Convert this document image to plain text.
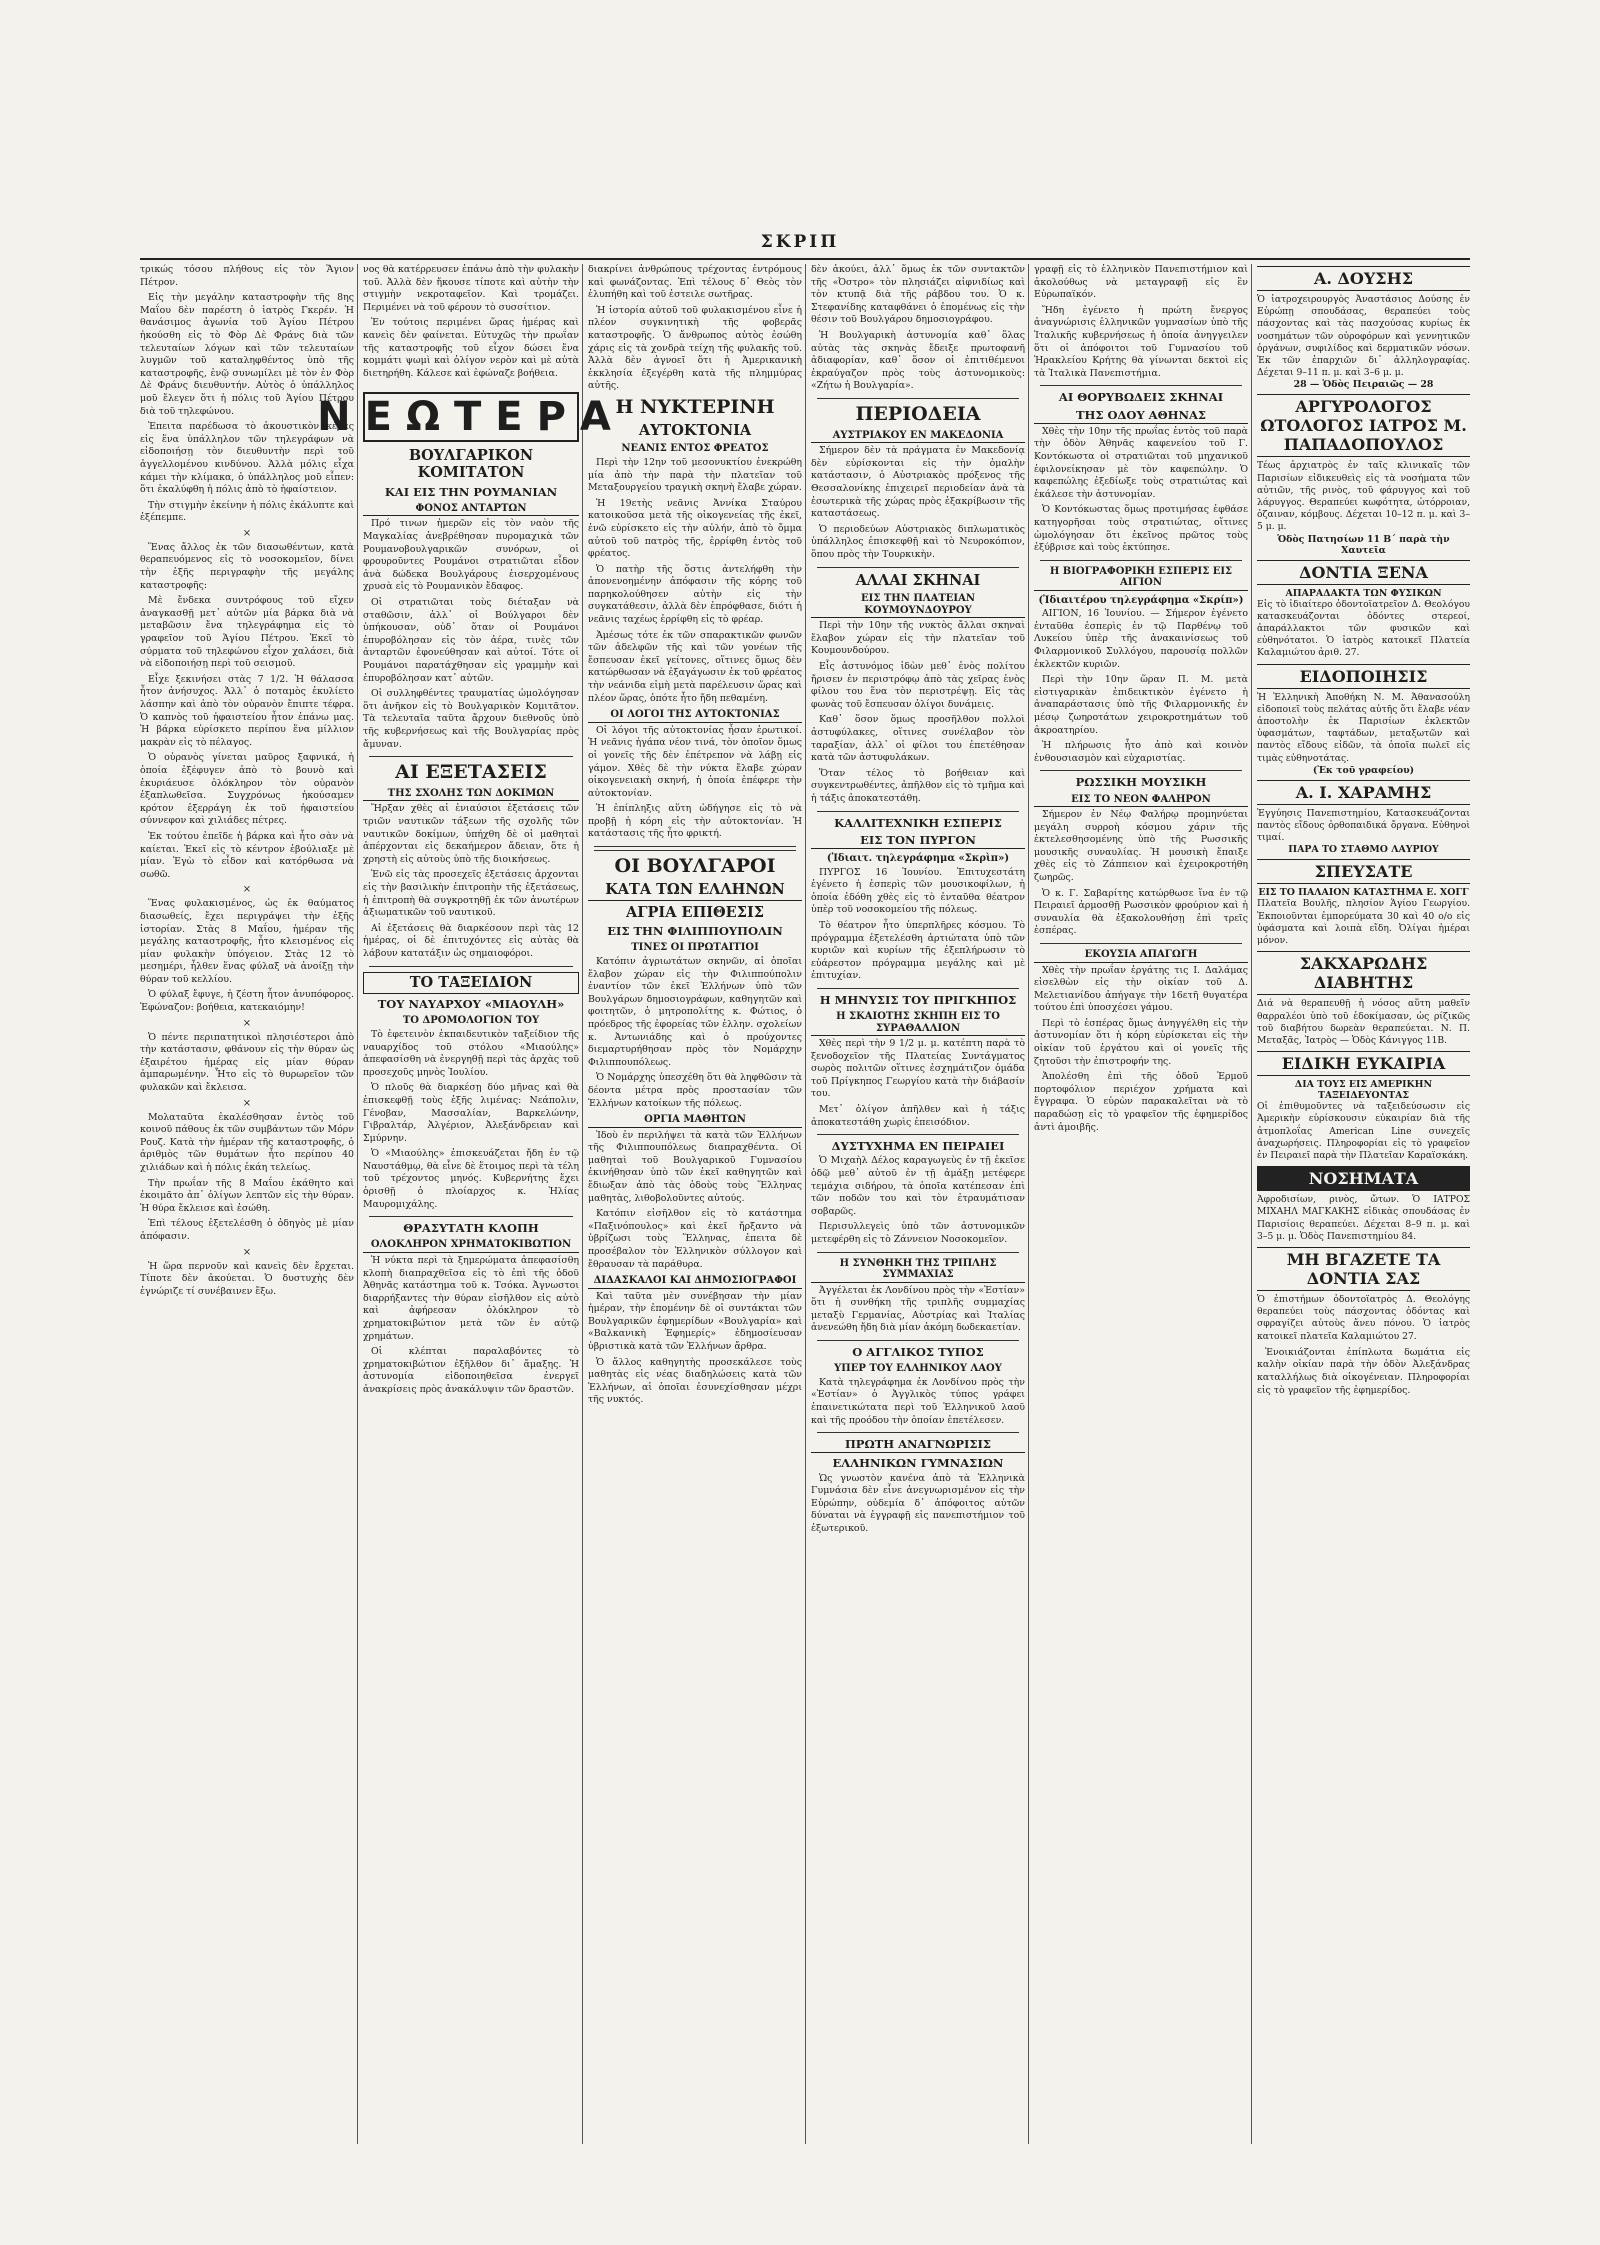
ΣΚΡΙΠ

τρικώς τόσου πλήθους εἰς τὸν Ἅγιον Πέτρον.

Εἰς τὴν μεγάλην καταστροφὴν τῆς 8ης Μαΐου δὲν παρέστη ὁ ἰατρὸς Γκερέν. Ἡ θανάσιμος ἀγωνία τοῦ Ἁγίου Πέτρου ἠκούσθη εἰς τὸ Φὸρ Δὲ Φράνς διὰ τῶν τελευταίων λόγων καὶ τῶν τελευταίων λυγμῶν τοῦ καταληφθέντος ὑπὸ τῆς καταστροφῆς, ἐνῷ συνωμίλει μὲ τὸν ἐν Φὸρ Δὲ Φράνς διευθυντήν. Αὐτὸς ὁ ὑπάλληλος μοῦ ἔλεγεν ὅτι ἡ πόλις τοῦ Ἁγίου Πέτρου διὰ τοῦ τηλεφώνου.

Ἐπειτα παρέδωσα τὸ ἀκουστικὸν κέρας εἰς ἕνα ὑπάλληλον τῶν τηλεγράφων νὰ εἰδοποιήσῃ τὸν διευθυντὴν περὶ τοῦ ἀγγελλομένου κινδύνου. Ἀλλὰ μόλις εἶχα κάμει τὴν κλίμακα, ὁ ὑπάλληλος μοῦ εἶπεν: ὅτι ἐκαλύφθη ἡ πόλις ἀπὸ τὸ ἡφαίστειον.

Τὴν στιγμὴν ἐκείνην ἡ πόλις ἐκάλυπτε καὶ ἐξέπεμπε.

×

Ἕνας ἄλλος ἐκ τῶν διασωθέντων, κατὰ θεραπευόμενος εἰς τὸ νοσοκομεῖον, δίνει τὴν ἑξῆς περιγραφὴν τῆς μεγάλης καταστροφῆς:

Μὲ ἔνδεκα συντρόφους τοῦ εἴχεν ἀναγκασθῇ μετ᾽ αὐτῶν μία βάρκα διὰ νὰ μεταβῶσιν ἔνα τηλεγράφημα εἰς τὸ γραφεῖον τοῦ Ἁγίου Πέτρου. Ἐκεῖ τὸ σύρματα τοῦ τηλεφώνου εἶχον χαλάσει, διὰ νὰ εἰδοποιήσῃ περὶ τοῦ σεισμοῦ.

Εἶχε ξεκινήσει στὰς 7 1/2. Ἡ θάλασσα ἦτον ἀνήσυχος. Ἀλλ᾽ ὁ ποταμὸς ἐκυλίετο λάσπην καὶ ἀπὸ τὸν οὐρανὸν ἔπιπτε τέφρα. Ὁ καπνὸς τοῦ ἡφαιστείου ἦτον ἐπάνω μας. Ἡ βάρκα εὑρίσκετο περίπου ἕνα μίλλιον μακρὰν εἰς τὸ πέλαγος.

Ὁ οὐρανὸς γίνεται μαῦρος ξαφνικά, ἡ ὁποία ἐξέφυγεν ἀπὸ τὸ βουνὸ καὶ ἐκυριάευσε ὁλόκληρον τὸν οὐρανὸν ἐξαπλωθεῖσα. Συγχρόνως ἠκούσαμεν κρότον ἐξερράγη ἐκ τοῦ ἡφαιστείου σύννεφον καὶ χιλιάδες πέτρες.

Ἐκ τούτου ἐπεῖδε ἡ βάρκα καὶ ἦτο σὰν νὰ καίεται. Ἐκεῖ εἰς τὸ κέντρον ἐβούλιαξε μὲ μίαν. Ἐγὼ τὸ εἶδον καὶ κατόρθωσα νὰ σωθῶ.

×

Ἕνας φυλακισμένος, ὡς ἐκ θαύματος διασωθείς, ἔχει περιγράψει τὴν ἑξῆς ἱστορίαν. Στὰς 8 Μαΐου, ἡμέραν τῆς μεγάλης καταστροφῆς, ἦτο κλεισμένος εἰς μίαν φυλακὴν ὑπόγειον. Στὰς 12 τὸ μεσημέρι, ἦλθεν ἕνας φύλαξ νὰ ἀνοίξῃ τὴν θύραν τοῦ κελλίου.

Ὁ φύλαξ ἔφυγε, ἡ ζέστη ἦτον ἀνυπόφορος. Ἐφώναζον: βοήθεια, κατεκαιόμην!

×

Ὁ πέντε περιπατητικοὶ πλησιέστεροι ἀπὸ τὴν κατάστασιν, φθάνουν εἰς τὴν θύραν ὡς ἐξαιρέτου ἡμέρας εἰς μίαν θύραν ἀμπαρωμένην. Ἦτο εἰς τὸ θυρωρεῖον τῶν φυλακῶν καὶ ἔκλεισα.

×

Μολαταῦτα ἐκαλέσθησαν ἐντὸς τοῦ κοινοῦ πάθους ἐκ τῶν συμβάντων τῶν Μόρν Ρουζ. Κατὰ τὴν ἡμέραν τῆς καταστροφῆς, ὁ ἀριθμὸς τῶν θυμάτων ἦτο περίπου 40 χιλιάδων καὶ ἡ πόλις ἐκάη τελείως.

Τὴν πρωΐαν τῆς 8 Μαΐου ἐκάθητο καὶ ἐκοιμᾶτο ἀπ᾽ ὀλίγων λεπτῶν εἰς τὴν θύραν. Ἡ θύρα ἔκλεισε καὶ ἐσώθη.

Ἐπὶ τέλους ἐξετελέσθη ὁ ὁδηγὸς μὲ μίαν ἀπόφασιν.

×

Ἡ ὥρα περνοῦν καὶ κανεὶς δὲν ἔρχεται. Τίποτε δὲν ἀκούεται. Ὁ δυστυχὴς δὲν ἐγνώριζε τί συνέβαινεν ἔξω.

νος θὰ κατέρρευσεν ἐπάνω ἀπὸ τὴν φυλακὴν τοῦ. Ἀλλὰ δὲν ἤκουσε τίποτε καὶ αὐτὴν τὴν στιγμὴν νεκροταφεῖον. Καὶ τρομάζει. Περιμένει νὰ τοῦ φέρουν τὸ συσσίτιον.

Ἐν τούτοις περιμένει ὥρας ἡμέρας καὶ κανεὶς δὲν φαίνεται. Εὐτυχῶς τὴν πρωΐαν τῆς καταστροφῆς τοῦ εἶχον δώσει ἕνα κομμάτι ψωμὶ καὶ ὀλίγον νερὸν καὶ μὲ αὐτὰ διετηρήθη. Κάλεσε καὶ ἐφώναζε βοήθεια.

ΝΕΩΤΕΡΑ
ΒΟΥΛΓΑΡΙΚΟΝ ΚΟΜΙΤΑΤΟΝ
ΚΑΙ ΕΙΣ ΤΗΝ ΡΟΥΜΑΝΙΑΝ
ΦΟΝΟΣ ΑΝΤΑΡΤΩΝ

Πρό τινων ἡμερῶν εἰς τὸν ναὸν τῆς Μαγκαλίας ἀνεβρέθησαν πυρομαχικὰ τῶν Ρουμανοβουλγαρικῶν συνόρων, οἱ φρουροῦντες Ρουμάνοι στρατιῶται εἶδον ἀνὰ δώδεκα Βουλγάρους ἐισερχομένους χρυσὰ εἰς τὸ Ρουμανικὸν ἔδαφος.

Οἱ στρατιῶται τοὺς διέταξαν νὰ σταθῶσιν, ἀλλ᾽ οἱ Βούλγαροι δὲν ὑπήκουσαν, οὐδ᾽ ὅταν οἱ Ρουμάνοι ἐπυροβόλησαν εἰς τὸν ἀέρα, τινὲς τῶν ἀνταρτῶν ἐφονεύθησαν καὶ αὐτοί. Τότε οἱ Ρουμάνοι παρατάχθησαν εἰς γραμμὴν καὶ ἐπυροβόλησαν κατ᾽ αὐτῶν.

Οἱ συλληφθέντες τραυματίας ὡμολόγησαν ὅτι ἀνῆκον εἰς τὸ Βουλγαρικὸν Κομιτᾶτον. Τὰ τελευταῖα ταῦτα ἄρχουν διεθνοῦς ὑπὸ τῆς κυβερνήσεως καὶ τῆς Βουλγαρίας πρὸς ἄμυναν.

ΑΙ ΕΞΕΤΑΣΕΙΣ
ΤΗΣ ΣΧΟΛΗΣ ΤΩΝ ΔΟΚΙΜΩΝ

Ἤρξαν χθὲς αἱ ἐνιαύσιοι ἐξετάσεις τῶν τριῶν ναυτικῶν τάξεων τῆς σχολῆς τῶν ναυτικῶν δοκίμων, ὑπήχθη δὲ οἱ μαθηταὶ ἀπέρχονται εἰς δεκαήμερον ἄδειαν, ὅτε ἡ χρηστὴ εἰς αὐτοὺς ὑπὸ τῆς διοικήσεως.

Ἐνῶ εἰς τὰς προσεχεῖς ἐξετάσεις ἀρχονται εἰς τὴν βασιλικὴν ἐπιτροπὴν τῆς ἐξετάσεως, ἡ ἐπιτροπὴ θὰ συγκροτηθῇ ἐκ τῶν ἀνωτέρων ἀξιωματικῶν τοῦ ναυτικοῦ.

Αἱ ἐξετάσεις θὰ διαρκέσουν περὶ τὰς 12 ἡμέρας, οἱ δὲ ἐπιτυχόντες εἰς αὐτὰς θὰ λάβουν κατατάξιν ὡς σημαιοφόροι.

ΤΟ ΤΑΞΕΙΔΙΟΝ
ΤΟΥ ΝΑΥΑΡΧΟΥ «ΜΙΑΟΥΛΗ»
ΤΟ ΔΡΟΜΟΛΟΓΙΟΝ ΤΟΥ

Τὸ ἐφετεινὸν ἐκπαιδευτικὸν ταξείδιον τῆς ναυαρχίδος τοῦ στόλου «Μιαούλης» ἀπεφασίσθη νὰ ἐνεργηθῇ περὶ τὰς ἀρχὰς τοῦ προσεχοῦς μηνὸς Ἰουλίου.

Ὁ πλοῦς θὰ διαρκέσῃ δύο μῆνας καὶ θὰ ἐπισκεφθῇ τοὺς ἑξῆς λιμένας: Νεάπολιν, Γένοβαν, Μασσαλίαν, Βαρκελώνην, Γιβραλτάρ, Ἀλγέριον, Ἀλεξάνδρειαν καὶ Σμύρνην.

Ὁ «Μιαούλης» ἐπισκευάζεται ἤδη ἐν τῷ Ναυστάθμῳ, θὰ εἶνε δὲ ἕτοιμος περὶ τὰ τέλη τοῦ τρέχοντος μηνός. Κυβερνήτης ἔχει ὁρισθῇ ὁ πλοίαρχος κ. Ἠλίας Μαυρομιχάλης.

ΘΡΑΣΥΤΑΤΗ ΚΛΟΠΗ
ΟΛΟΚΛΗΡΟΝ ΧΡΗΜΑΤΟΚΙΒΩΤΙΟΝ

Ἡ νύκτα περὶ τὰ ξημερώματα ἀπεφασίσθη κλοπὴ διαπραχθεῖσα εἰς τὸ ἐπὶ τῆς ὁδοῦ Ἀθηνᾶς κατάστημα τοῦ κ. Τσόκα. Ἀγνωστοι διαρρήξαντες τὴν θύραν εἰσῆλθον εἰς αὐτὸ καὶ ἀφήρεσαν ὁλόκληρον τὸ χρηματοκιβώτιον μετὰ τῶν ἐν αὐτῷ χρημάτων.

Οἱ κλέπται παραλαβόντες τὸ χρηματοκιβώτιον ἐξῆλθον δι᾽ ἄμαξης. Ἡ ἀστυνομία εἰδοποιηθεῖσα ἐνεργεῖ ἀνακρίσεις πρὸς ἀνακάλυψιν τῶν δραστῶν.

διακρίνει ἀνθρώπους τρέχοντας ἐντρόμους καὶ φωνάζοντας. Ἐπὶ τέλους δ᾽ Θεὸς τὸν ἐλυπήθη καὶ τοῦ ἐστειλε σωτῆρας.

Ἡ ἱστορία αὐτοῦ τοῦ φυλακισμένου εἶνε ἡ πλέον συγκινητικὴ τῆς φοβερᾶς καταστροφῆς. Ὁ ἄνθρωπος αὐτὸς ἐσώθη χάρις εἰς τὰ χονδρὰ τείχη τῆς φυλακῆς τοῦ. Ἀλλὰ δὲν ἀγνοεῖ ὅτι ἡ Ἀμερικανικὴ ἐκκλησία ἐξεγέρθη κατὰ τῆς πλημμύρας αὐτῆς.

Η ΝΥΚΤΕΡΙΝΗ
ΑΥΤΟΚΤΟΝΙΑ
ΝΕΑΝΙΣ ΕΝΤΟΣ ΦΡΕΑΤΟΣ

Περὶ τὴν 12ην τοῦ μεσονυκτίου ἐνεκρώθη μία ἀπὸ τὴν παρὰ τὴν πλατεῖαν τοῦ Μεταξουργείου τραγικὴ σκηνὴ ἔλαβε χώραν.

Ἡ 19ετὴς νεᾶνις Ἀννίκα Σταύρου κατοικοῦσα μετὰ τῆς οἰκογενείας τῆς ἐκεῖ, ἐνῶ εὑρίσκετο εἰς τὴν αὐλήν, ἀπὸ τὸ ὄμμα αὐτοῦ τοῦ πατρὸς τῆς, ἐρρίφθη ἐντὸς τοῦ φρέατος.

Ὁ πατὴρ τῆς ὅστις ἀντελήφθη τὴν ἀπονενοημένην ἀπόφασιν τῆς κόρης τοῦ παρηκολούθησεν αὐτὴν εἰς τὴν συγκατάθεσιν, ἀλλὰ δὲν ἐπρόφθασε, διότι ἡ νεᾶνις ταχέως ἐρρίφθη εἰς τὸ φρέαρ.

Ἀμέσως τότε ἐκ τῶν σπαρακτικῶν φωνῶν τῶν ἀδελφῶν τῆς καὶ τῶν γονέων τῆς ἔσπευσαν ἐκεῖ γείτονες, οἵτινες ὅμως δὲν κατώρθωσαν νὰ ἐξαγάγωσιν ἐκ τοῦ φρέατος τὴν νεάνιδα εἰμὴ μετὰ παρέλευσιν ὥρας καὶ πλέον ὥρας, ὁπότε ἦτο ἤδη πεθαμένη.

ΟΙ ΛΟΓΟΙ ΤΗΣ ΑΥΤΟΚΤΟΝΙΑΣ

Οἱ λόγοι τῆς αὐτοκτονίας ἦσαν ἐρωτικοί. Ἡ νεᾶνις ἠγάπα νέον τινά, τὸν ὁποῖον ὅμως οἱ γονεῖς τῆς δὲν ἐπέτρεπον νὰ λάβῃ εἰς γάμον. Χθὲς δὲ τὴν νύκτα ἔλαβε χώραν οἰκογενειακὴ σκηνή, ἡ ὁποία ἐπέφερε τὴν αὐτοκτονίαν.

Ἡ ἐπίπληξις αὕτη ὡδήγησε εἰς τὸ νὰ προβῇ ἡ κόρη εἰς τὴν αὐτοκτονίαν. Ἡ κατάστασις τῆς ἦτο φρικτή.

ΟΙ ΒΟΥΛΓΑΡΟΙ
ΚΑΤΑ ΤΩΝ ΕΛΛΗΝΩΝ
ΑΓΡΙΑ ΕΠΙΘΕΣΙΣ
ΕΙΣ ΤΗΝ ΦΙΛΙΠΠΟΥΠΟΛΙΝ
ΤΙΝΕΣ ΟΙ ΠΡΩΤΑΙΤΙΟΙ

Κατόπιν ἀγριωτάτων σκηνῶν, αἱ ὁποῖαι ἔλαβον χώραν εἰς τὴν Φιλιππούπολιν ἐναντίον τῶν ἐκεῖ Ἑλλήνων ὑπὸ τῶν Βουλγάρων δημοσιογράφων, καθηγητῶν καὶ φοιτητῶν, ὁ μητροπολίτης κ. Φώτιος, ὁ πρόεδρος τῆς ἐφορείας τῶν ἑλλην. σχολείων κ. Ἀντωνιάδης καὶ ὁ προύχοντες διεμαρτυρήθησαν πρὸς τὸν Νομάρχην Φιλιππουπόλεως.

Ὁ Νομάρχης ὑπεσχέθη ὅτι θὰ ληφθῶσιν τὰ δέοντα μέτρα πρὸς προστασίαν τῶν Ἑλλήνων κατοίκων τῆς πόλεως.

ΟΡΓΙΑ ΜΑΘΗΤΩΝ

Ἰδοὺ ἐν περιλήψει τὰ κατὰ τῶν Ἑλλήνων τῆς Φιλιππουπόλεως διαπραχθέντα. Οἱ μαθηταὶ τοῦ Βουλγαρικοῦ Γυμνασίου ἐκινήθησαν ὑπὸ τῶν ἐκεῖ καθηγητῶν καὶ ἔδιωξαν ἀπὸ τὰς ὁδοὺς τοὺς Ἕλληνας μαθητὰς, λιθοβολοῦντες αὐτούς.

Κατόπιν εἰσῆλθον εἰς τὸ κατάστημα «Παξινόπουλος» καὶ ἐκεῖ ἤρξαντο νὰ ὑβρίζωσι τοὺς Ἕλληνας, ἐπειτα δὲ προσέβαλον τὸν Ἑλληνικὸν σύλλογον καὶ ἔθραυσαν τὰ παράθυρα.

ΔΙΔΑΣΚΑΛΟΙ ΚΑΙ ΔΗΜΟΣΙΟΓΡΑΦΟΙ

Καὶ ταῦτα μὲν συνέβησαν τὴν μίαν ἡμέραν, τὴν ἐπομένην δὲ οἱ συντάκται τῶν Βουλγαρικῶν ἐφημερίδων «Βουλγαρία» καὶ «Βαλκανικὴ Ἐφημερίς» ἐδημοσίευσαν ὑβριστικὰ κατὰ τῶν Ἑλλήνων ἄρθρα.

Ὁ ἄλλος καθηγητὴς προσεκάλεσε τοὺς μαθητὰς εἰς νέας διαδηλώσεις κατὰ τῶν Ἑλλήνων, αἱ ὁποῖαι ἐσυνεχίσθησαν μέχρι τῆς νυκτός.

δὲν ἀκούει, ἀλλ᾽ ὅμως ἐκ τῶν συντακτῶν τῆς «Ὀστρο» τὸν πλησιάζει αἰφνιδίως καὶ τὸν κτυπᾷ διὰ τῆς ράβδου του. Ὁ κ. Στεφανίδης καταφθάνει ὁ ἐπομένως εἰς τὴν θέσιν τοῦ Βουλγάρου δημοσιογράφου.

Ἡ Βουλγαρικὴ ἀστυνομία καθ᾽ ὅλας αὐτὰς τὰς σκηνὰς ἔδειξε πρωτοφανῆ ἀδιαφορίαν, καθ᾽ ὅσον οἱ ἐπιτιθέμενοι ἐκραύγαζον πρὸς τοὺς ἀστυνομικοὺς: «Ζήτω ἡ Βουλγαρία».

ΠΕΡΙΟΔΕΙΑ
ΑΥΣΤΡΙΑΚΟΥ ΕΝ ΜΑΚΕΔΟΝΙΑ

Σήμερον δὲν τὰ πράγματα ἐν Μακεδονίᾳ δὲν εὑρίσκονται εἰς τὴν ὁμαλὴν κατάστασιν, ὁ Αὐστριακὸς πρόξενος τῆς Θεσσαλονίκης ἐπιχειρεῖ περιοδείαν ἀνὰ τὰ ἐσωτερικὰ τῆς χώρας πρὸς ἐξακρίβωσιν τῆς καταστάσεως.

Ὁ περιοδεύων Αὐστριακὸς διπλωματικὸς ὑπάλληλος ἐπισκεφθῇ καὶ τὸ Νευροκόπιον, ὅπου πρὸς τὴν Τουρκικὴν.

ΑΛΛΑΙ ΣΚΗΝΑΙ
ΕΙΣ ΤΗΝ ΠΛΑΤΕΙΑΝ ΚΟΥΜΟΥΝΔΟΥΡΟΥ

Περὶ τὴν 10ην τῆς νυκτὸς ἄλλαι σκηναὶ ἔλαβον χώραν εἰς τὴν πλατεῖαν τοῦ Κουμουνδούρου.

Εἷς ἀστυνόμος ἰδὼν μεθ᾽ ἑνὸς πολίτου ἤρισεν ἐν περιστρόφῳ ἀπὸ τὰς χεῖρας ἑνὸς φίλου του ἕνα τὸν περιστρέψῃ. Εἰς τὰς φωνὰς τοῦ ἔσπευσαν ὀλίγοι δυνάμεις.

Καθ᾽ ὅσον ὅμως προσῆλθον πολλοὶ ἀστυφύλακες, οἵτινες συνέλαβον τὸν ταραξίαν, ἀλλ᾽ οἱ φίλοι του ἐπετέθησαν κατὰ τῶν ἀστυφυλάκων.

Ὅταν τέλος τὸ βοήθειαν καὶ συγκεντρωθέντες, ἀπῆλθον εἰς τὸ τμῆμα καὶ ἡ τάξις ἀποκατεστάθη.

ΚΑΛΛΙΤΕΧΝΙΚΗ ΕΣΠΕΡΙΣ
ΕΙΣ ΤΟΝ ΠΥΡΓΟΝ
(Ἰδιαιτ. τηλεγράφημα «Σκρὶπ»)

ΠΥΡΓΟΣ 16 Ἰουνίου. Ἐπιτυχεστάτη ἐγένετο ἡ ἐσπερὶς τῶν μουσικοφίλων, ἡ ὁποία ἐδόθη χθὲς εἰς τὸ ἐνταῦθα θέατρον ὑπὲρ τοῦ νοσοκομείου τῆς πόλεως.

Τὸ θέατρον ἦτο ὑπερπλῆρες κόσμου. Τὸ πρόγραμμα ἐξετελέσθη ἀρτιώτατα ὑπὸ τῶν κυριῶν καὶ κυρίων τῆς ἐξεπλήρωσιν τὸ εὐάρεστον πρόγραμμα μεγάλης καὶ μὲ ἐπιτυχίαν.

Η ΜΗΝΥΣΙΣ ΤΟΥ ΠΡΙΓΚΗΠΟΣ
Η ΣΚΑΙΟΤΗΣ ΣΚΗΠΗ ΕΙΣ ΤΟ ΣΥΡΑΘΑΛΛΙΟΝ

Χθὲς περὶ τὴν 9 1/2 μ. μ. κατέπτη παρὰ τὸ ξενοδοχεῖον τῆς Πλατείας Συντάγματος σωρὸς πολιτῶν οἵτινες ἐσχημάτιζον ὁμάδα τοῦ Πρίγκηπος Γεωργίου κατὰ τὴν διάβασίν του.

Μετ᾽ ὀλίγον ἀπῆλθεν καὶ ἡ τάξις ἀποκατεστάθη χωρὶς ἐπεισόδιον.

ΔΥΣΤΥΧΗΜΑ ΕΝ ΠΕΙΡΑΙΕΙ

Ὁ Μιχαὴλ Δέλος καραγωγεὺς ἐν τῇ ἐκεῖσε ὁδῷ μεθ᾽ αὐτοῦ ἐν τῇ ἀμάξῃ μετέφερε τεμάχια σιδήρου, τὰ ὁποῖα κατέπεσαν ἐπὶ τῶν ποδῶν του καὶ τὸν ἐτραυμάτισαν σοβαρῶς.

Περισυλλεγεὶς ὑπὸ τῶν ἀστυνομικῶν μετεφέρθη εἰς τὸ Ζάννειον Νοσοκομεῖον.

Η ΣΥΝΘΗΚΗ ΤΗΣ ΤΡΙΠΛΗΣ ΣΥΜΜΑΧΙΑΣ

Ἀγγέλεται ἐκ Λονδίνου πρὸς τὴν «Ἑστίαν» ὅτι ἡ συνθήκη τῆς τριπλῆς συμμαχίας μεταξὺ Γερμανίας, Αὐστρίας καὶ Ἰταλίας ἀνενεώθη ἤδη διὰ μίαν ἀκόμη δωδεκαετίαν.

Ο ΑΓΓΛΙΚΟΣ ΤΥΠΟΣ
ΥΠΕΡ ΤΟΥ ΕΛΛΗΝΙΚΟΥ ΛΑΟΥ

Κατὰ τηλεγράφημα ἐκ Λονδίνου πρὸς τὴν «Ἑστίαν» ὁ Ἀγγλικὸς τύπος γράφει ἐπαινετικώτατα περὶ τοῦ Ἑλληνικοῦ λαοῦ καὶ τῆς προόδου τὴν ὁποίαν ἐπετέλεσεν.

ΠΡΩΤΗ ΑΝΑΓΝΩΡΙΣΙΣ
ΕΛΛΗΝΙΚΩΝ ΓΥΜΝΑΣΙΩΝ

Ὡς γνωστὸν κανένα ἀπὸ τὰ Ἑλληνικὰ Γυμνάσια δὲν εἶνε ἀνεγνωρισμένον εἰς τὴν Εὐρώπην, οὐδεμία δ᾽ ἀπόφοιτος αὐτῶν δύναται νὰ ἐγγραφῇ εἰς πανεπιστήμιον τοῦ ἐξωτερικοῦ.

γραφῇ εἰς τὸ ἑλληνικὸν Πανεπιστήμιον καὶ ἀκολούθως νὰ μεταγραφῇ εἰς ἓν Εὐρωπαϊκόν.

Ἤδη ἐγένετο ἡ πρώτη ἔνεργος ἀναγνώρισις ἑλληνικῶν γυμνασίων ὑπὸ τῆς Ἰταλικῆς κυβερνήσεως ἡ ὁποία ἀνηγγειλεν ὅτι οἱ ἀπόφοιτοι τοῦ Γυμνασίου τοῦ Ἡρακλείου Κρήτης θὰ γίνωνται δεκτοὶ εἰς τὰ Ἰταλικὰ Πανεπιστήμια.

ΑΙ ΘΟΡΥΒΩΔΕΙΣ ΣΚΗΝΑΙ
ΤΗΣ ΟΔΟΥ ΑΘΗΝΑΣ

Χθὲς τὴν 10ην τῆς πρωΐας ἐντὸς τοῦ παρὰ τὴν ὁδὸν Ἀθηνᾶς καφενείου τοῦ Γ. Κοντόκωστα οἱ στρατιῶται τοῦ μηχανικοῦ ἐφιλονείκησαν μὲ τὸν καφεπώλην. Ὁ καφεπώλης ἐξεδίωξε τοὺς στρατιώτας καὶ ἐκάλεσε τὴν ἀστυνομίαν.

Ὁ Κοντόκωστας ὅμως προτιμήσας ἐφθάσε κατηγορῆσαι τοὺς στρατιώτας, οἵτινες ὠμολόγησαν ὅτι ἐκεῖνος πρῶτος τοὺς ἐξύβρισε καὶ τοὺς ἐκτύπησε.

Η ΒΙΟΓΡΑΦΟΡΙΚΗ ΕΣΠΕΡΙΣ ΕΙΣ ΑΙΓΙΟΝ
(Ἰδιαιτέρου τηλεγράφημα «Σκρίπ»)

ΑΙΓΙΟΝ, 16 Ἰουνίου. — Σήμερον ἐγένετο ἐνταῦθα ἐσπερὶς ἐν τῷ Παρθένῳ τοῦ Λυκείου ὑπὲρ τῆς ἀνακαινίσεως τοῦ Φιλαρμονικοῦ Συλλόγου, παρουσίᾳ πολλῶν ἐκλεκτῶν κυριῶν.

Περὶ τὴν 10ην ὥραν Π. Μ. μετὰ εἰστιγαρικὰν ἐπιδεικτικὸν ἐγένετο ἡ ἀναπαράστασις ὑπὸ τῆς Φιλαρμονικῆς ἐν μέσῳ ζωηροτάτων χειροκροτημάτων τοῦ ἀκροατηρίου.

Ἡ πλήρωσις ἦτο ἀπὸ καὶ κοινὸν ἐνθουσιασμὸν καὶ εὐχαριστίας.

ΡΩΣΣΙΚΗ ΜΟΥΣΙΚΗ
ΕΙΣ ΤΟ ΝΕΟΝ ΦΑΛΗΡΟΝ

Σήμερον ἐν Νέῳ Φαλήρῳ προμηνύεται μεγάλη συρροὴ κόσμου χάριν τῆς ἐκτελεσθησομένης ὑπὸ τῆς Ρωσσικῆς μουσικῆς συναυλίας. Ἡ μουσικὴ ἔπαιξε χθὲς εἰς τὸ Ζάππειον καὶ ἐχειροκροτήθη ζωηρῶς.

Ὁ κ. Γ. Σαβαρίτης κατώρθωσε ἵνα ἐν τῷ Πειραιεῖ ἁρμοσθῇ Ρωσσικὸν φρούριον καὶ ἡ συναυλία θὰ ἐξακολουθήσῃ ἐπὶ τρεῖς ἑσπέρας.

ΕΚΟΥΣΙΑ ΑΠΑΓΩΓΗ

Χθὲς τὴν πρωΐαν ἐργάτης τις Ι. Δαλάμας εἰσελθὼν εἰς τὴν οἰκίαν τοῦ Δ. Μελετιανίδου ἀπήγαγε τὴν 16ετῆ θυγατέρα τούτου ἐπὶ ὑποσχέσει γάμου.

Περὶ τὸ ἑσπέρας ὅμως ἀνηγγέλθη εἰς τὴν ἀστυνομίαν ὅτι ἡ κόρη εὑρίσκεται εἰς τὴν οἰκίαν τοῦ ἐργάτου καὶ οἱ γονεῖς τῆς ζητοῦσι τὴν ἐπιστροφήν της.

Ἀπολέσθη ἐπὶ τῆς ὁδοῦ Ἑρμοῦ πορτοφόλιον περιέχον χρήματα καὶ ἔγγραφα. Ὁ εὑρὼν παρακαλεῖται νὰ τὸ παραδώσῃ εἰς τὸ γραφεῖον τῆς ἐφημερίδος ἀντὶ ἀμοιβῆς.

Α. ΔΟΥΣΗΣ
Ὁ ἰατροχειρουργὸς Ἀναστάσιος Δούσης ἐν Εὐρώπῃ σπουδάσας, θεραπεύει τοὺς πάσχοντας καὶ τὰς πασχούσας κυρίως ἐκ νοσημάτων τῶν οὐροφόρων καὶ γεννητικῶν ὀργάνων, συφιλίδος καὶ δερματικῶν νόσων. Ἐκ τῶν ἐπαρχιῶν δι᾽ ἀλληλογραφίας. Δέχεται 9–11 π. μ. καὶ 3–6 μ. μ.
28 — Ὁδὸς Πειραιῶς — 28
ΑΡΓΥΡΟΛΟΓΟΣ ΩΤΟΛΟΓΟΣ ΙΑΤΡΟΣ Μ. ΠΑΠΑΔΟΠΟΥΛΟΣ
Τέως ἀρχιατρὸς ἐν ταῖς κλινικαῖς τῶν Παρισίων εἰδικευθεὶς εἰς τὰ νοσήματα τῶν αὐτιῶν, τῆς ρινὸς, τοῦ φάρυγγος καὶ τοῦ λάρυγγος. Θεραπεύει κωφότητα, ὠτόρροιαν, ὀζαιναν, κόμβους. Δέχεται 10–12 π. μ. καὶ 3–5 μ. μ.
Ὁδὸς Πατησίων 11 Β΄ παρὰ τὴν Χαυτεῖα
ΔΟΝΤΙΑ ΞΕΝΑ
ΑΠΑΡΑΔΑΚΤΑ ΤΩΝ ΦΥΣΙΚΩΝ
Εἰς τὸ ἰδιαίτερο ὀδοντοϊατρεῖον Δ. Θεολόγου κατασκευάζονται ὀδόντες στερεοί, ἀπαράλλακτοι τῶν φυσικῶν καὶ εὐθηνότατοι. Ὁ ἰατρὸς κατοικεῖ Πλατεία Καλαμιώτου ἀριθ. 27.
ΕΙΔΟΠΟΙΗΣΙΣ
Ἡ Ἑλληνικὴ Ἀποθήκη Ν. Μ. Ἀθανασούλη εἰδοποιεῖ τοὺς πελάτας αὐτῆς ὅτι ἔλαβε νέαν ἀποστολὴν ἐκ Παρισίων ἐκλεκτῶν ὑφασμάτων, ταφτάδων, μεταξωτῶν καὶ παντὸς εἴδους εἰδῶν, τὰ ὁποῖα πωλεῖ εἰς τιμὰς εὐθηνοτάτας.
(Ἐκ τοῦ γραφείου)
Α. Ι. ΧΑΡΑΜΗΣ
Ἐγγύησις Πανεπιστημίου, Κατασκευάζονται παντὸς εἴδους ὀρθοπαιδικά ὄργανα. Εὐθηνοὶ τιμαί.
ΠΑΡΑ ΤΟ ΣΤΑΘΜΟ ΛΑΥΡΙΟΥ
ΣΠΕΥΣΑΤΕ
ΕΙΣ ΤΟ ΠΑΛΑΙΟΝ ΚΑΤΑΣΤΗΜΑ Ε. ΧΟΓΓ
Πλατεῖα Βουλῆς, πλησίον Ἁγίου Γεωργίου. Ἐκποιοῦνται ἐμπορεύματα 30 καὶ 40 ο/ο εἰς ὑφάσματα καὶ λοιπὰ εἴδη. Ὀλίγαι ἡμέραι μόνον.
ΣΑΚΧΑΡΩΔΗΣ ΔΙΑΒΗΤΗΣ
Διά νὰ θεραπευθῇ ἡ νόσος αὕτη μαθεῖν θαρραλέοι ὑπὸ τοῦ ἐδοκίμασαν, ὡς ρίζικῶς τοῦ διαβήτου δωρεὰν θεραπεύεται. Ν. Π. Μεταξᾶς, Ἰατρὸς — Ὁδὸς Κάνιγγος 11Β.
ΕΙΔΙΚΗ ΕΥΚΑΙΡΙΑ
ΔΙΑ ΤΟΥΣ ΕΙΣ ΑΜΕΡΙΚΗΝ ΤΑΞΕΙΔΕΥΟΝΤΑΣ
Οἱ ἐπιθυμοῦντες νὰ ταξειδεύσωσιν εἰς Ἀμερικὴν εὑρίσκουσιν εὐκαιρίαν διὰ τῆς ἀτμοπλοΐας American Line συνεχεῖς ἀναχωρήσεις. Πληροφορίαι εἰς τὸ γραφεῖον ἐν Πειραιεῖ παρὰ τὴν Πλατεῖαν Καραϊσκάκη.
ΝΟΣΗΜΑΤΑ
Ἀφροδισίων, ρινὸς, ὤτων. Ὁ ΙΑΤΡΟΣ ΜΙΧΑΗΛ ΜΑΓΚΑΚΗΣ εἰδικὰς σπουδάσας ἐν Παρισίοις θεραπεύει. Δέχεται 8–9 π. μ. καὶ 3–5 μ. μ. Ὁδὸς Πανεπιστημίου 84.
ΜΗ ΒΓΑΖΕΤΕ ΤΑ ΔΟΝΤΙΑ ΣΑΣ
Ὁ ἐπιστήμων ὀδοντοϊατρὸς Δ. Θεολόγης θεραπεύει τοὺς πάσχοντας ὀδόντας καὶ σφραγίζει αὐτοὺς ἄνευ πόνου. Ὁ ἰατρὸς κατοικεῖ πλατεῖα Καλαμιώτου 27.

Ἐνοικιάζονται ἐπίπλωτα δωμάτια εἰς καλὴν οἰκίαν παρὰ τὴν ὁδὸν Ἀλεξάνδρας καταλλήλως διὰ οἰκογένειαν. Πληροφορίαι εἰς τὸ γραφεῖον τῆς ἐφημερίδος.
